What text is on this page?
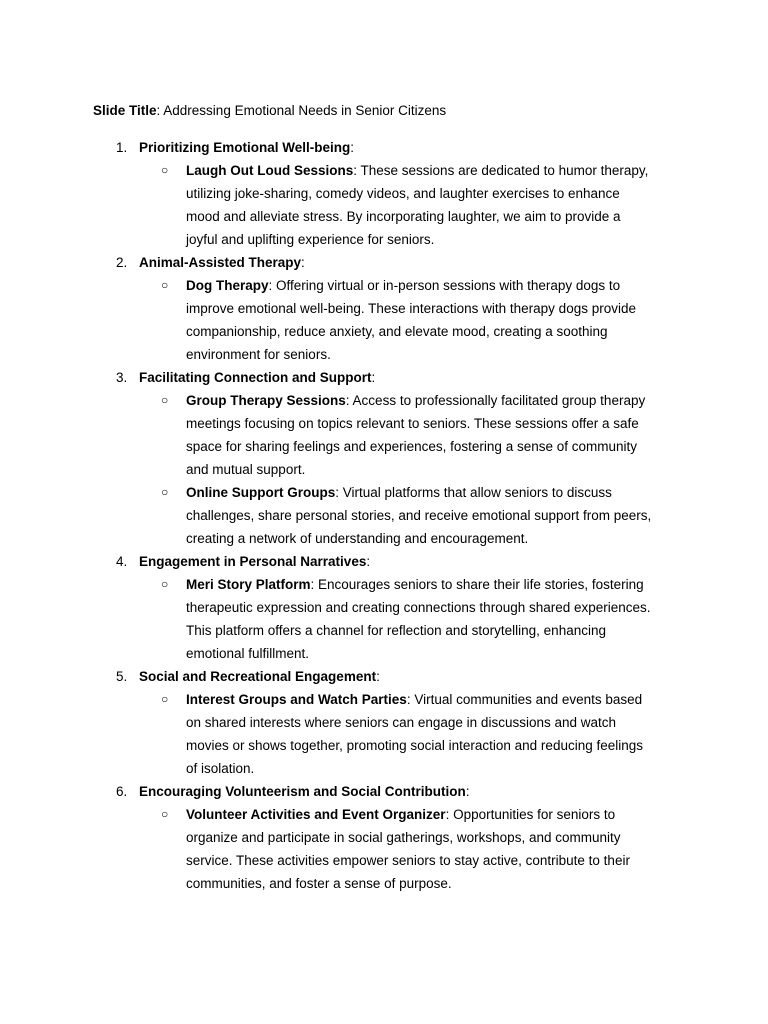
Slide Title: Addressing Emotional Needs in Senior Citizens

1. Prioritizing Emotional Well-being:
○ Laugh Out Loud Sessions: These sessions are dedicated to humor therapy,
utilizing joke-sharing, comedy videos, and laughter exercises to enhance
mood and alleviate stress. By incorporating laughter, we aim to provide a
joyful and uplifting experience for seniors.
2. Animal-Assisted Therapy:
○ Dog Therapy: Offering virtual or in-person sessions with therapy dogs to
improve emotional well-being. These interactions with therapy dogs provide
companionship, reduce anxiety, and elevate mood, creating a soothing
environment for seniors.
3. Facilitating Connection and Support:
○ Group Therapy Sessions: Access to professionally facilitated group therapy
meetings focusing on topics relevant to seniors. These sessions offer a safe
space for sharing feelings and experiences, fostering a sense of community
and mutual support.
○ Online Support Groups: Virtual platforms that allow seniors to discuss
challenges, share personal stories, and receive emotional support from peers,
creating a network of understanding and encouragement.
4. Engagement in Personal Narratives:
○ Meri Story Platform: Encourages seniors to share their life stories, fostering
therapeutic expression and creating connections through shared experiences.
This platform offers a channel for reflection and storytelling, enhancing
emotional fulfillment.
5. Social and Recreational Engagement:
○ Interest Groups and Watch Parties: Virtual communities and events based
on shared interests where seniors can engage in discussions and watch
movies or shows together, promoting social interaction and reducing feelings
of isolation.
6. Encouraging Volunteerism and Social Contribution:
○ Volunteer Activities and Event Organizer: Opportunities for seniors to
organize and participate in social gatherings, workshops, and community
service. These activities empower seniors to stay active, contribute to their
communities, and foster a sense of purpose.
